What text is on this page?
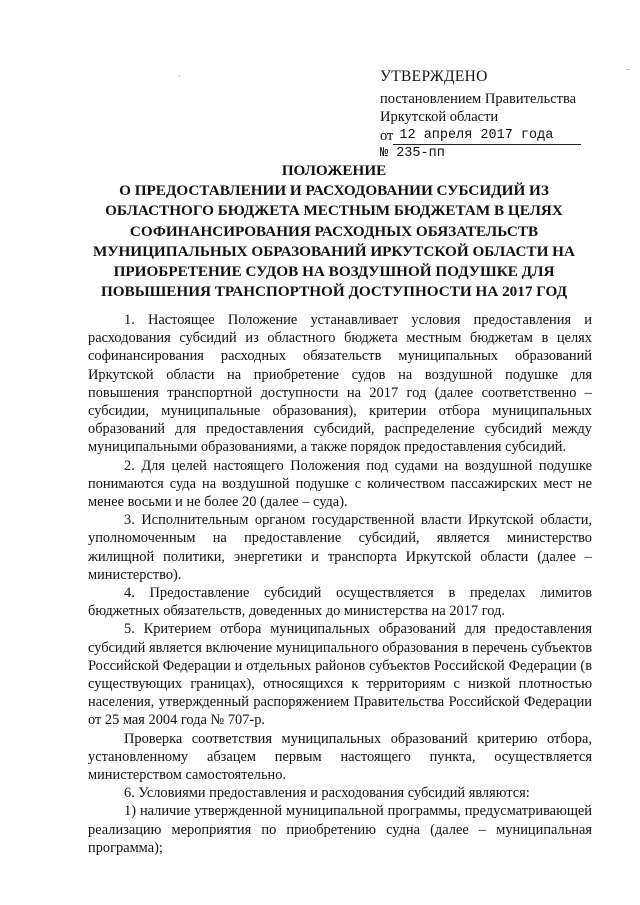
·
–
УТВЕРЖДЕНО
постановлением Правительства
Иркутской области
от 12 апреля 2017 года
№ 235-пп
ПОЛОЖЕНИЕ
О ПРЕДОСТАВЛЕНИИ И РАСХОДОВАНИИ СУБСИДИЙ ИЗ
ОБЛАСТНОГО БЮДЖЕТА МЕСТНЫМ БЮДЖЕТАМ В ЦЕЛЯХ
СОФИНАНСИРОВАНИЯ РАСХОДНЫХ ОБЯЗАТЕЛЬСТВ
МУНИЦИПАЛЬНЫХ ОБРАЗОВАНИЙ ИРКУТСКОЙ ОБЛАСТИ НА
ПРИОБРЕТЕНИЕ СУДОВ НА ВОЗДУШНОЙ ПОДУШКЕ ДЛЯ
ПОВЫШЕНИЯ ТРАНСПОРТНОЙ ДОСТУПНОСТИ НА 2017 ГОД

1. Настоящее Положение устанавливает условия предоставления и расходования субсидий из областного бюджета местным бюджетам в целях софинансирования расходных обязательств муниципальных образований Иркутской области на приобретение судов на воздушной подушке для повышения транспортной доступности на 2017 год (далее соответственно – субсидии, муниципальные образования), критерии отбора муниципальных образований для предоставления субсидий, распределение субсидий между муниципальными образованиями, а также порядок предоставления субсидий.

2. Для целей настоящего Положения под судами на воздушной подушке понимаются суда на воздушной подушке с количеством пассажирских мест не менее восьми и не более 20 (далее – суда).

3. Исполнительным органом государственной власти Иркутской области, уполномоченным на предоставление субсидий, является министерство жилищной политики, энергетики и транспорта Иркутской области (далее – министерство).

4. Предоставление субсидий осуществляется в пределах лимитов бюджетных обязательств, доведенных до министерства на 2017 год.

5. Критерием отбора муниципальных образований для предоставления субсидий является включение муниципального образования в перечень субъектов Российской Федерации и отдельных районов субъектов Российской Федерации (в существующих границах), относящихся к территориям с низкой плотностью населения, утвержденный распоряжением Правительства Российской Федерации от 25 мая 2004 года № 707-р.

Проверка соответствия муниципальных образований критерию отбора, установленному абзацем первым настоящего пункта, осуществляется министерством самостоятельно.

6. Условиями предоставления и расходования субсидий являются:

1) наличие утвержденной муниципальной программы, предусматривающей реализацию мероприятия по приобретению судна (далее – муниципальная программа);
